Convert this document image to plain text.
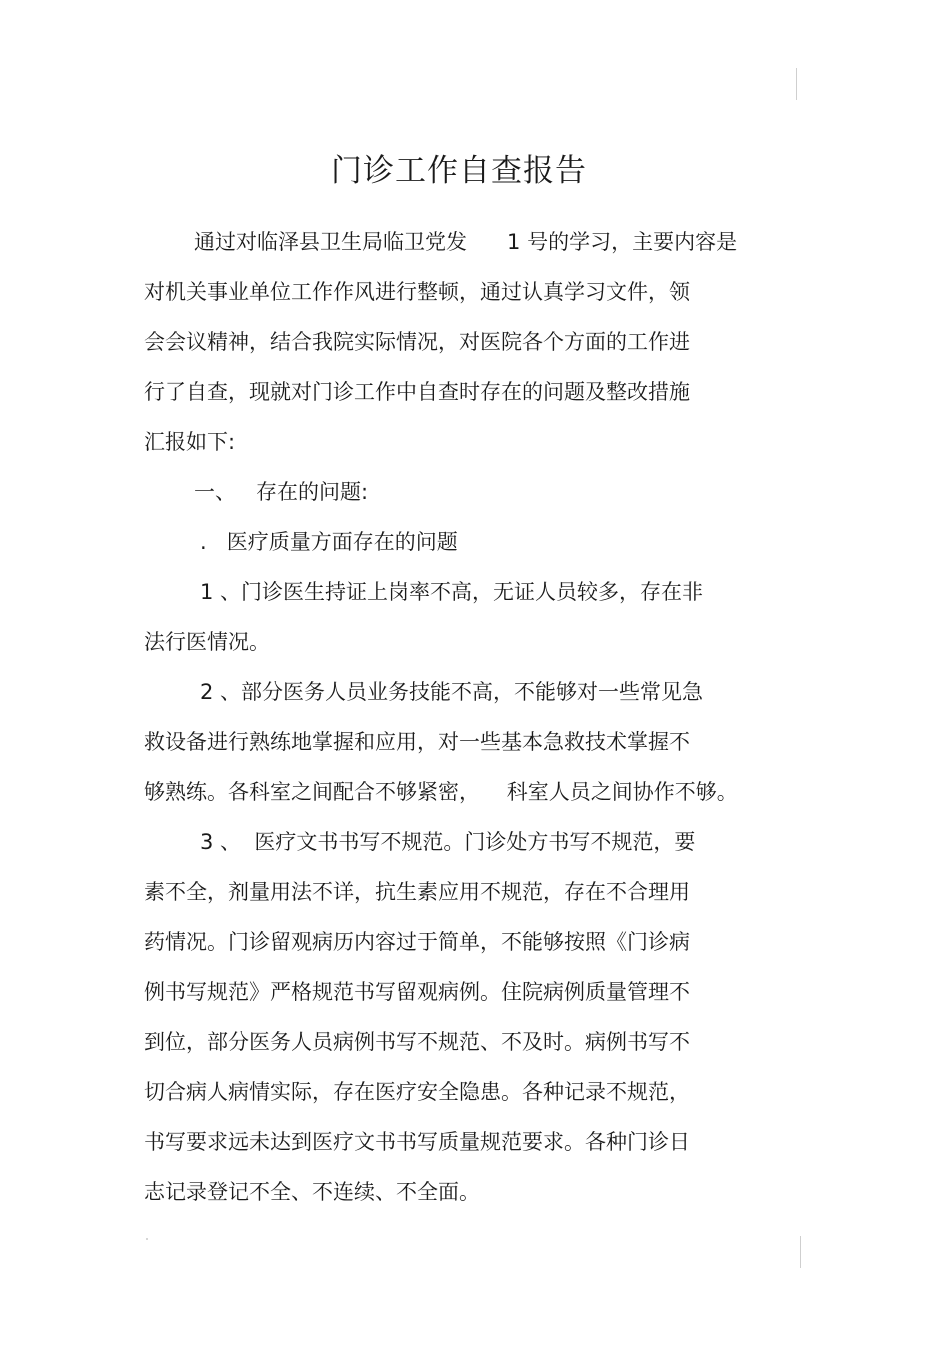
门诊工作自查报告
通过对临泽县卫生局临卫党发      1 号的学习，主要内容是
对机关事业单位工作作风进行整顿，通过认真学习文件，领
会会议精神，结合我院实际情况，对医院各个方面的工作进
行了自查，现就对门诊工作中自查时存在的问题及整改措施
汇报如下:
一、   存在的问题:
.   医疗质量方面存在的问题
1 、门诊医生持证上岗率不高，无证人员较多，存在非
法行医情况。
2 、部分医务人员业务技能不高，不能够对一些常见急
救设备进行熟练地掌握和应用，对一些基本急救技术掌握不
够熟练。各科室之间配合不够紧密，    科室人员之间协作不够。
3 、  医疗文书书写不规范。门诊处方书写不规范，要
素不全，剂量用法不详，抗生素应用不规范，存在不合理用
药情况。门诊留观病历内容过于简单，不能够按照《门诊病
例书写规范》严格规范书写留观病例。住院病例质量管理不
到位，部分医务人员病例书写不规范、不及时。病例书写不
切合病人病情实际，存在医疗安全隐患。各种记录不规范，
书写要求远未达到医疗文书书写质量规范要求。各种门诊日
志记录登记不全、不连续、不全面。
